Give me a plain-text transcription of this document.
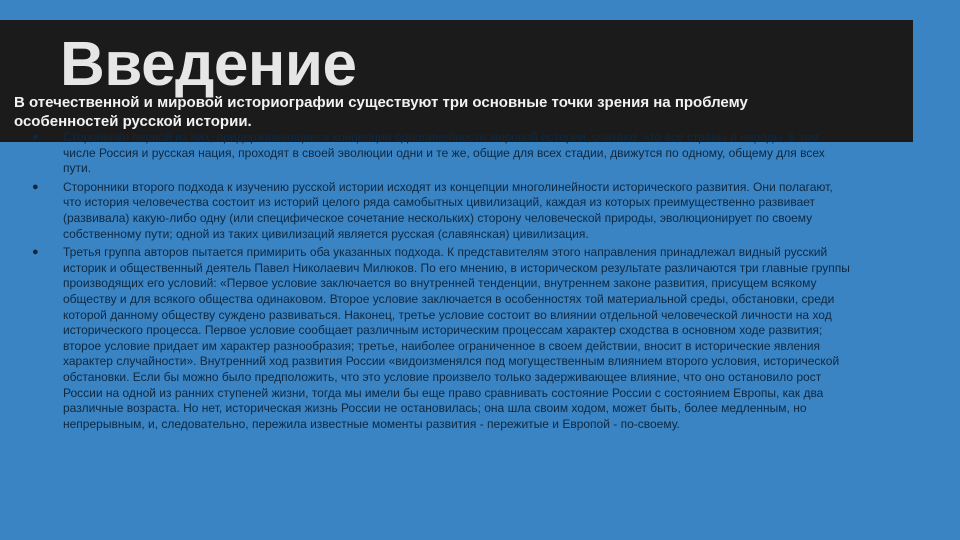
Введение

В отечественной и мировой историографии существуют три основные точки зрения на проблему особенностей русской истории.

● Сторонники первой из них, придерживающиеся концепции однолинейности мировой истории, считают, что все страны и народы, в том числе Россия и русская нация, проходят в своей эволюции одни и те же, общие для всех стадии, движутся по одному, общему для всех пути.
● Сторонники второго подхода к изучению русской истории исходят из концепции многолинейности исторического развития. Они полагают, что история человечества состоит из историй целого ряда самобытных цивилизаций, каждая из которых преимущественно развивает (развивала) какую-либо одну (или специфическое сочетание нескольких) сторону человеческой природы, эволюционирует по своему собственному пути; одной из таких цивилизаций является русская (славянская) цивилизация.
● Третья группа авторов пытается примирить оба указанных подхода. К представителям этого направления принадлежал видный русский историк и общественный деятель Павел Николаевич Милюков. По его мнению, в историческом результате различаются три главные группы производящих его условий: «Первое условие заключается во внутренней тенденции, внутреннем законе развития, присущем всякому обществу и для всякого общества одинаковом. Второе условие заключается в особенностях той материальной среды, обстановки, среди которой данному обществу суждено развиваться. Наконец, третье условие состоит во влиянии отдельной человеческой личности на ход исторического процесса. Первое условие сообщает различным историческим процессам характер сходства в основном ходе развития; второе условие придает им характер разнообразия; третье, наиболее ограниченное в своем действии, вносит в исторические явления характер случайности». Внутренний ход развития России «видоизменялся под могущественным влиянием второго условия, исторической обстановки. Если бы можно было предположить, что это условие произвело только задерживающее влияние, что оно остановило рост России на одной из ранних ступеней жизни, тогда мы имели бы еще право сравнивать состояние России с состоянием Европы, как два различные возраста. Но нет, историческая жизнь России не остановилась; она шла своим ходом, может быть, более медленным, но непрерывным, и, следовательно, пережила известные моменты развития - пережитые и Европой - по-своему.
